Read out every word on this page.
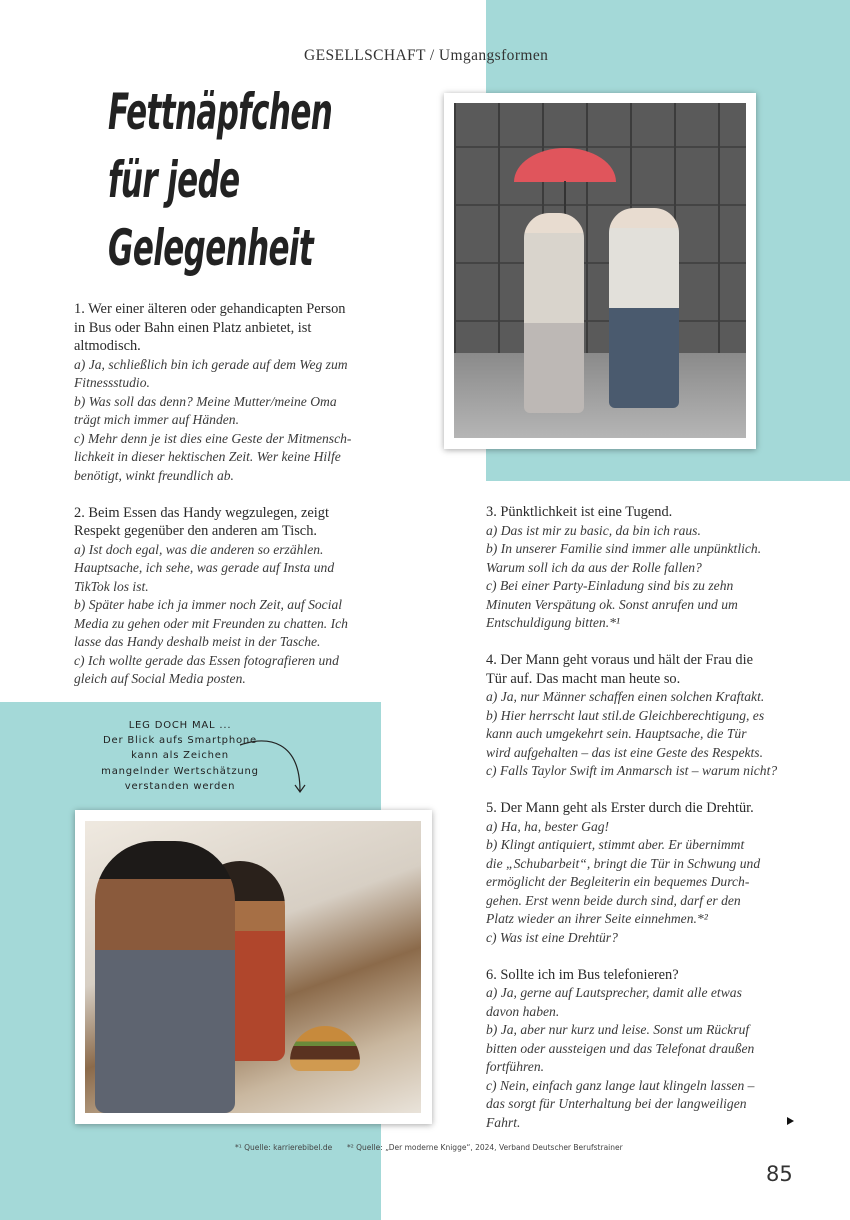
GESELLSCHAFT / Umgangsformen
Fettnäpfchen
für jede
Gelegenheit
1. Wer einer älteren oder gehandicapten Person
in Bus oder Bahn einen Platz anbietet, ist
altmodisch.
a) Ja, schließlich bin ich gerade auf dem Weg zum
Fitnessstudio.
b) Was soll das denn? Meine Mutter/meine Oma
trägt mich immer auf Händen.
c) Mehr denn je ist dies eine Geste der Mitmensch-
lichkeit in dieser hektischen Zeit. Wer keine Hilfe
benötigt, winkt freundlich ab.
2. Beim Essen das Handy wegzulegen, zeigt
Respekt gegenüber den anderen am Tisch.
a) Ist doch egal, was die anderen so erzählen.
Hauptsache, ich sehe, was gerade auf Insta und
TikTok los ist.
b) Später habe ich ja immer noch Zeit, auf Social
Media zu gehen oder mit Freunden zu chatten. Ich
lasse das Handy deshalb meist in der Tasche.
c) Ich wollte gerade das Essen fotografieren und
gleich auf Social Media posten.
3. Pünktlichkeit ist eine Tugend.
a) Das ist mir zu basic, da bin ich raus.
b) In unserer Familie sind immer alle unpünktlich.
Warum soll ich da aus der Rolle fallen?
c) Bei einer Party-Einladung sind bis zu zehn
Minuten Verspätung ok. Sonst anrufen und um
Entschuldigung bitten.*¹
4. Der Mann geht voraus und hält der Frau die
Tür auf. Das macht man heute so.
a) Ja, nur Männer schaffen einen solchen Kraftakt.
b) Hier herrscht laut stil.de Gleichberechtigung, es
kann auch umgekehrt sein. Hauptsache, die Tür
wird aufgehalten – das ist eine Geste des Respekts.
c) Falls Taylor Swift im Anmarsch ist – warum nicht?
5. Der Mann geht als Erster durch die Drehtür.
a) Ha, ha, bester Gag!
b) Klingt antiquiert, stimmt aber. Er übernimmt
die „Schubarbeit“, bringt die Tür in Schwung und
ermöglicht der Begleiterin ein bequemes Durch-
gehen. Erst wenn beide durch sind, darf er den
Platz wieder an ihrer Seite einnehmen.*²
c) Was ist eine Drehtür?
6. Sollte ich im Bus telefonieren?
a) Ja, gerne auf Lautsprecher, damit alle etwas
davon haben.
b) Ja, aber nur kurz und leise. Sonst um Rückruf
bitten oder aussteigen und das Telefonat draußen
fortführen.
c) Nein, einfach ganz lange laut klingeln lassen –
das sorgt für Unterhaltung bei der langweiligen
Fahrt.
LEG DOCH MAL ...
Der Blick aufs Smartphone
kann als Zeichen
mangelnder Wertschätzung
verstanden werden
*¹ Quelle: karrierebibel.de *² Quelle: „Der moderne Knigge“, 2024, Verband Deutscher Berufstrainer
85
